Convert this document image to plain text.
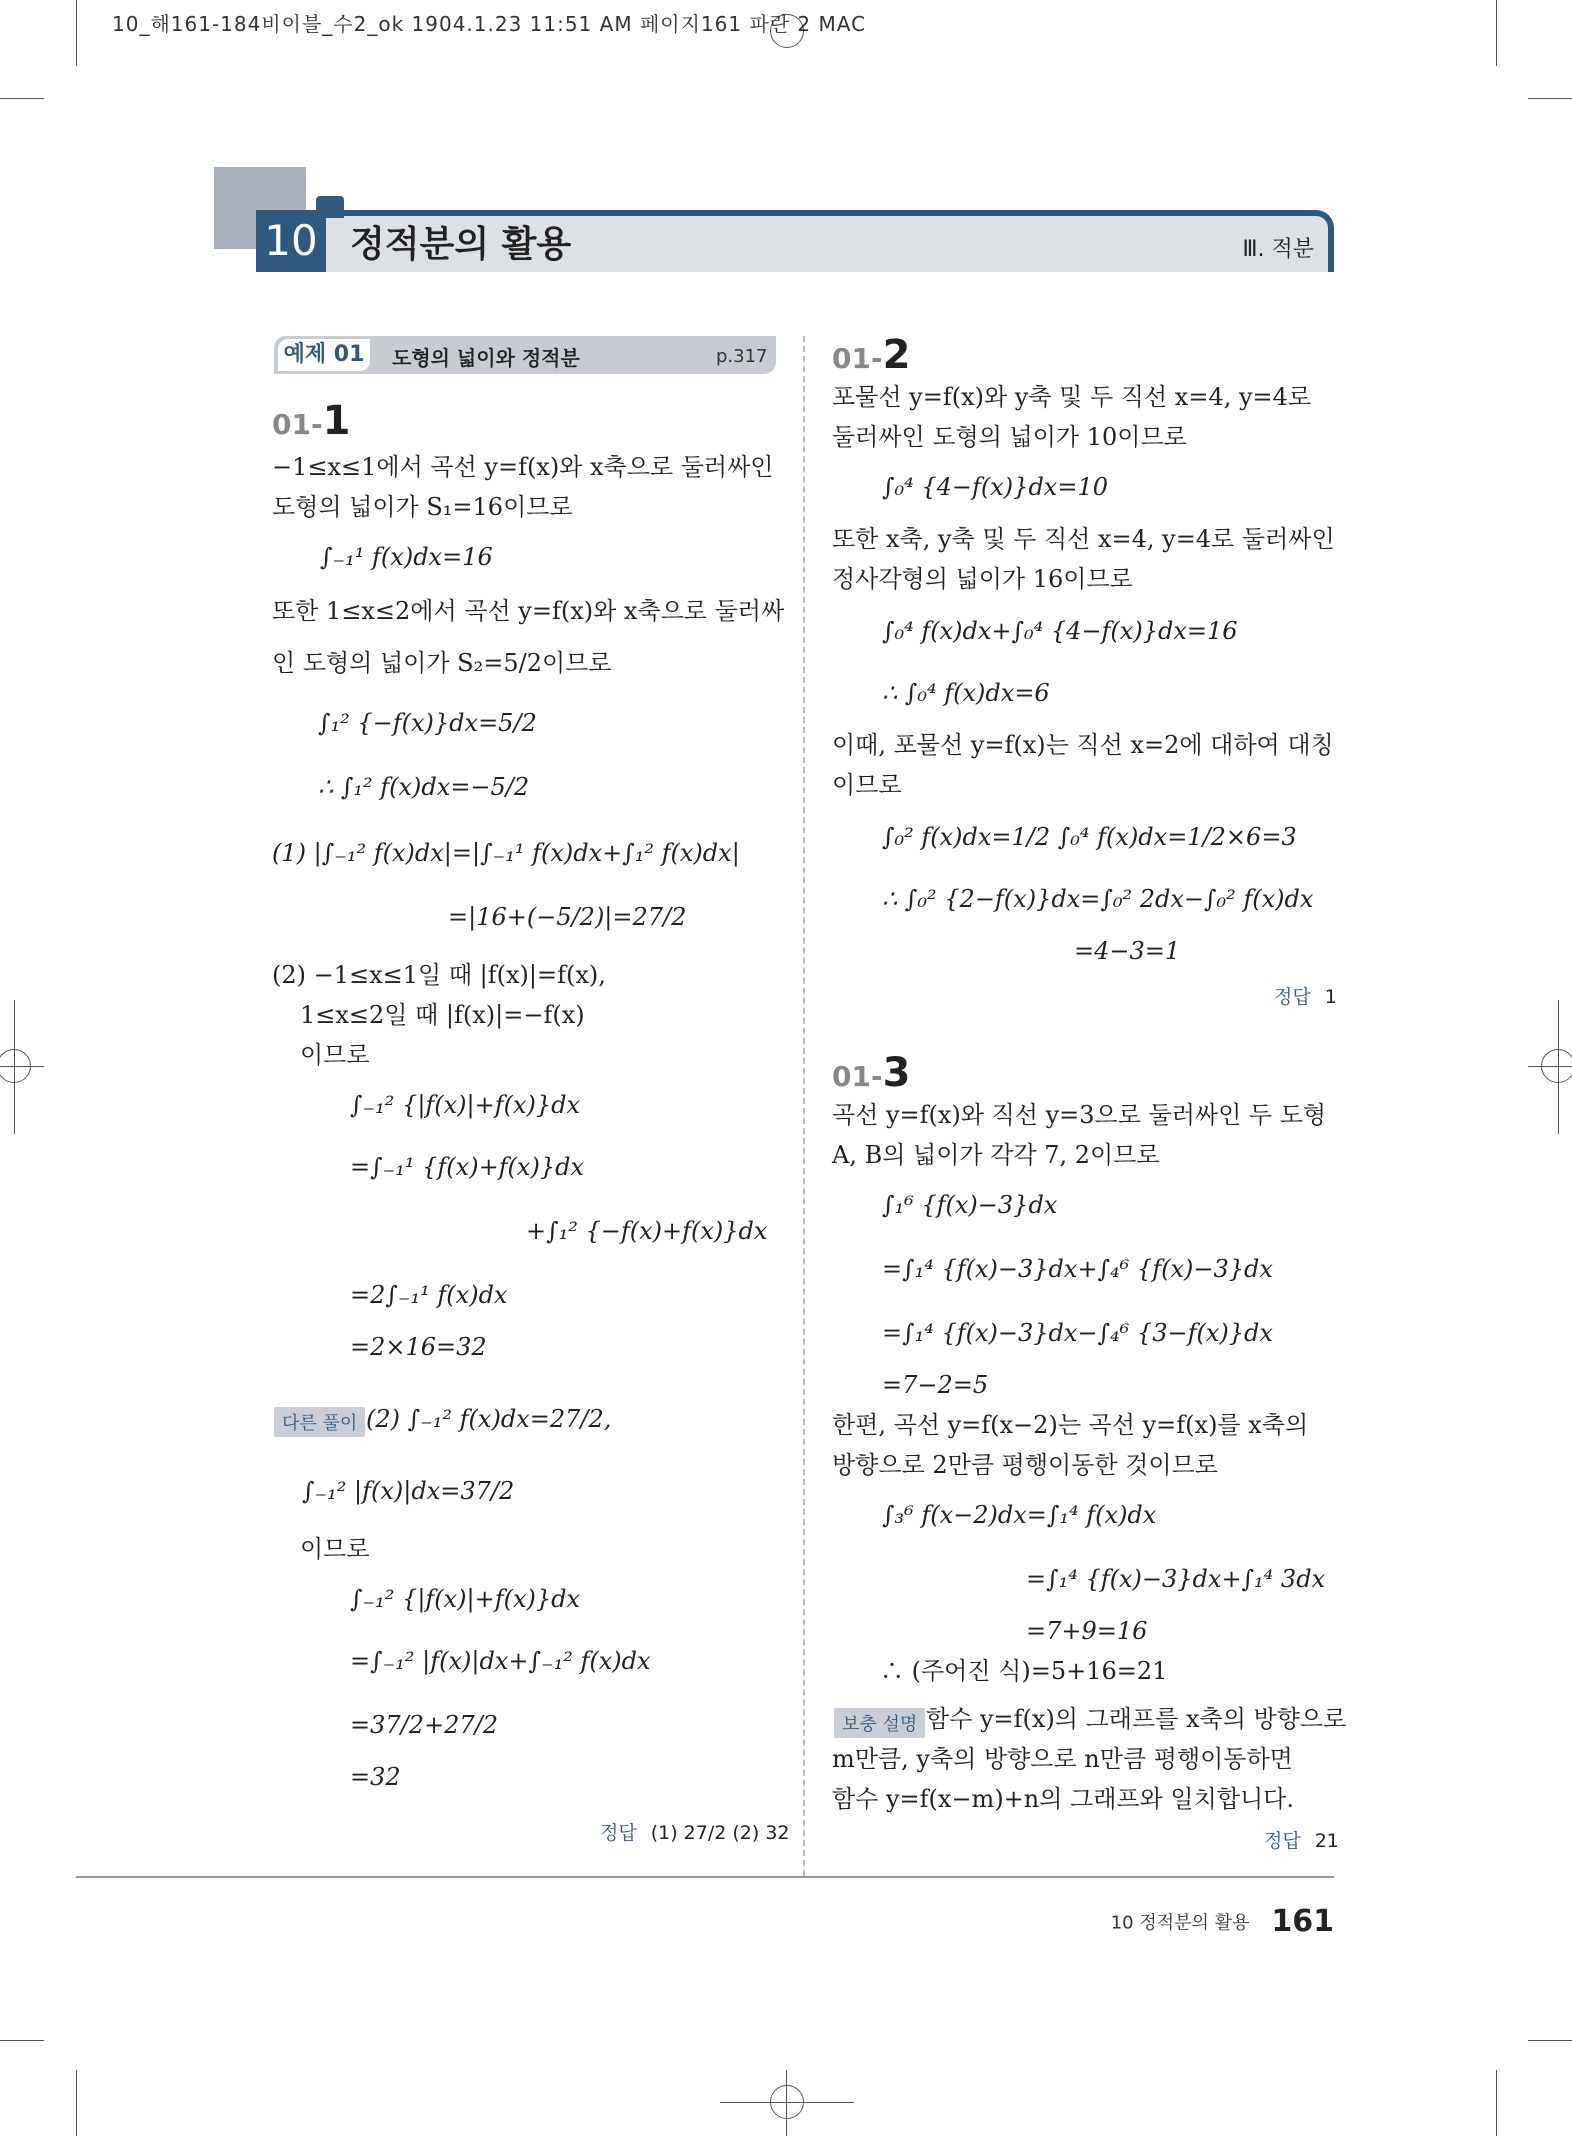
10_해161-184비이블_수2_ok 1904.1.23 11:51 AM 페이지161 파란 2 MAC
10 정적분의 활용	Ⅲ. 적분
예제 01 도형의 넓이와 정적분	p.317
01-1
−1≤x≤1에서 곡선 y=f(x)와 x축으로 둘러싸인
도형의 넓이가 S₁=16이므로
∫₋₁¹ f(x)dx=16
또한 1≤x≤2에서 곡선 y=f(x)와 x축으로 둘러싸
인 도형의 넓이가 S₂=5/2이므로
∫₁² {−f(x)}dx=5/2
∴ ∫₁² f(x)dx=−5/2
(1) |∫₋₁² f(x)dx|=|∫₋₁¹ f(x)dx+∫₁² f(x)dx|
=|16+(−5/2)|=27/2
(2) −1≤x≤1일 때 |f(x)|=f(x),
1≤x≤2일 때 |f(x)|=−f(x)
이므로
∫₋₁² {|f(x)|+f(x)}dx
=∫₋₁¹ {f(x)+f(x)}dx
+∫₁² {−f(x)+f(x)}dx
=2∫₋₁¹ f(x)dx
=2×16=32
다른 풀이 (2) ∫₋₁² f(x)dx=27/2,
∫₋₁² |f(x)|dx=37/2
이므로
∫₋₁² {|f(x)|+f(x)}dx
=∫₋₁² |f(x)|dx+∫₋₁² f(x)dx
=37/2+27/2
=32
정답 (1) 27/2 (2) 32
01-2
포물선 y=f(x)와 y축 및 두 직선 x=4, y=4로
둘러싸인 도형의 넓이가 10이므로
∫₀⁴ {4−f(x)}dx=10
또한 x축, y축 및 두 직선 x=4, y=4로 둘러싸인
정사각형의 넓이가 16이므로
∫₀⁴ f(x)dx+∫₀⁴ {4−f(x)}dx=16
∴ ∫₀⁴ f(x)dx=6
이때, 포물선 y=f(x)는 직선 x=2에 대하여 대칭
이므로
∫₀² f(x)dx=1/2 ∫₀⁴ f(x)dx=1/2×6=3
∴ ∫₀² {2−f(x)}dx=∫₀² 2dx−∫₀² f(x)dx
=4−3=1
정답 1
01-3
곡선 y=f(x)와 직선 y=3으로 둘러싸인 두 도형
A, B의 넓이가 각각 7, 2이므로
∫₁⁶ {f(x)−3}dx
=∫₁⁴ {f(x)−3}dx+∫₄⁶ {f(x)−3}dx
=∫₁⁴ {f(x)−3}dx−∫₄⁶ {3−f(x)}dx
=7−2=5
한편, 곡선 y=f(x−2)는 곡선 y=f(x)를 x축의
방향으로 2만큼 평행이동한 것이므로
∫₃⁶ f(x−2)dx=∫₁⁴ f(x)dx
=∫₁⁴ {f(x)−3}dx+∫₁⁴ 3dx
=7+9=16
∴ (주어진 식)=5+16=21
보충 설명 함수 y=f(x)의 그래프를 x축의 방향으로
m만큼, y축의 방향으로 n만큼 평행이동하면
함수 y=f(x−m)+n의 그래프와 일치합니다.
정답 21
10 정적분의 활용 161
